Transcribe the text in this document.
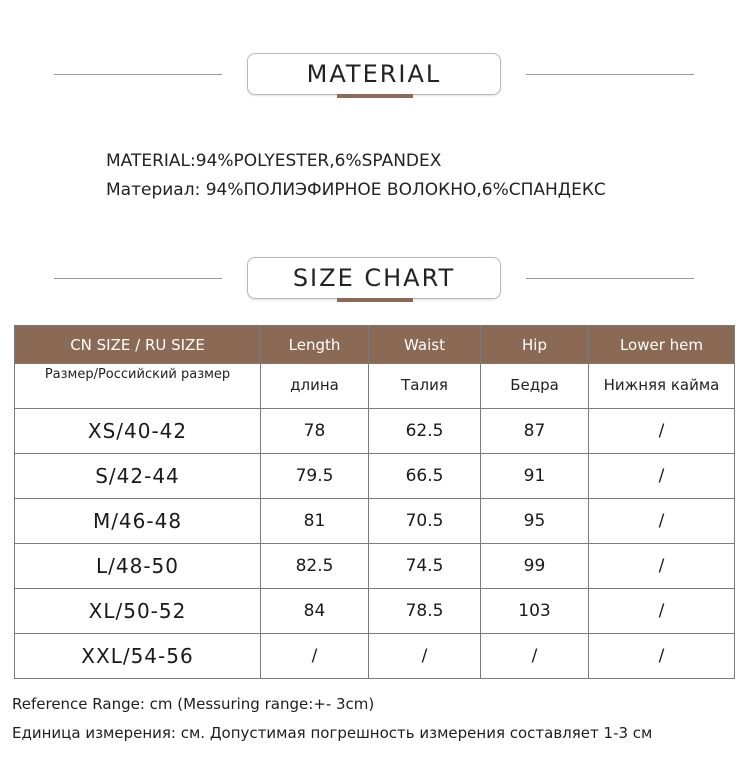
MATERIAL
MATERIAL:94%POLYESTER,6%SPANDEX
Материал: 94%ПОЛИЭФИРНОЕ ВОЛОКНО,6%СПАНДЕКС
SIZE CHART
CN SIZE / RU SIZE	Length	Waist	Hip	Lower hem

Размер/Российский размер	длина	Талия	Бедра	Нижняя кайма

XS/40-42	78	62.5	87	/
S/42-44	79.5	66.5	91	/
M/46-48	81	70.5	95	/
L/48-50	82.5	74.5	99	/
XL/50-52	84	78.5	103	/
XXL/54-56	/	/	/	/
Reference Range: cm (Messuring range:+- 3cm)
Единица измерения: см. Допустимая погрешность измерения составляет 1-3 см
